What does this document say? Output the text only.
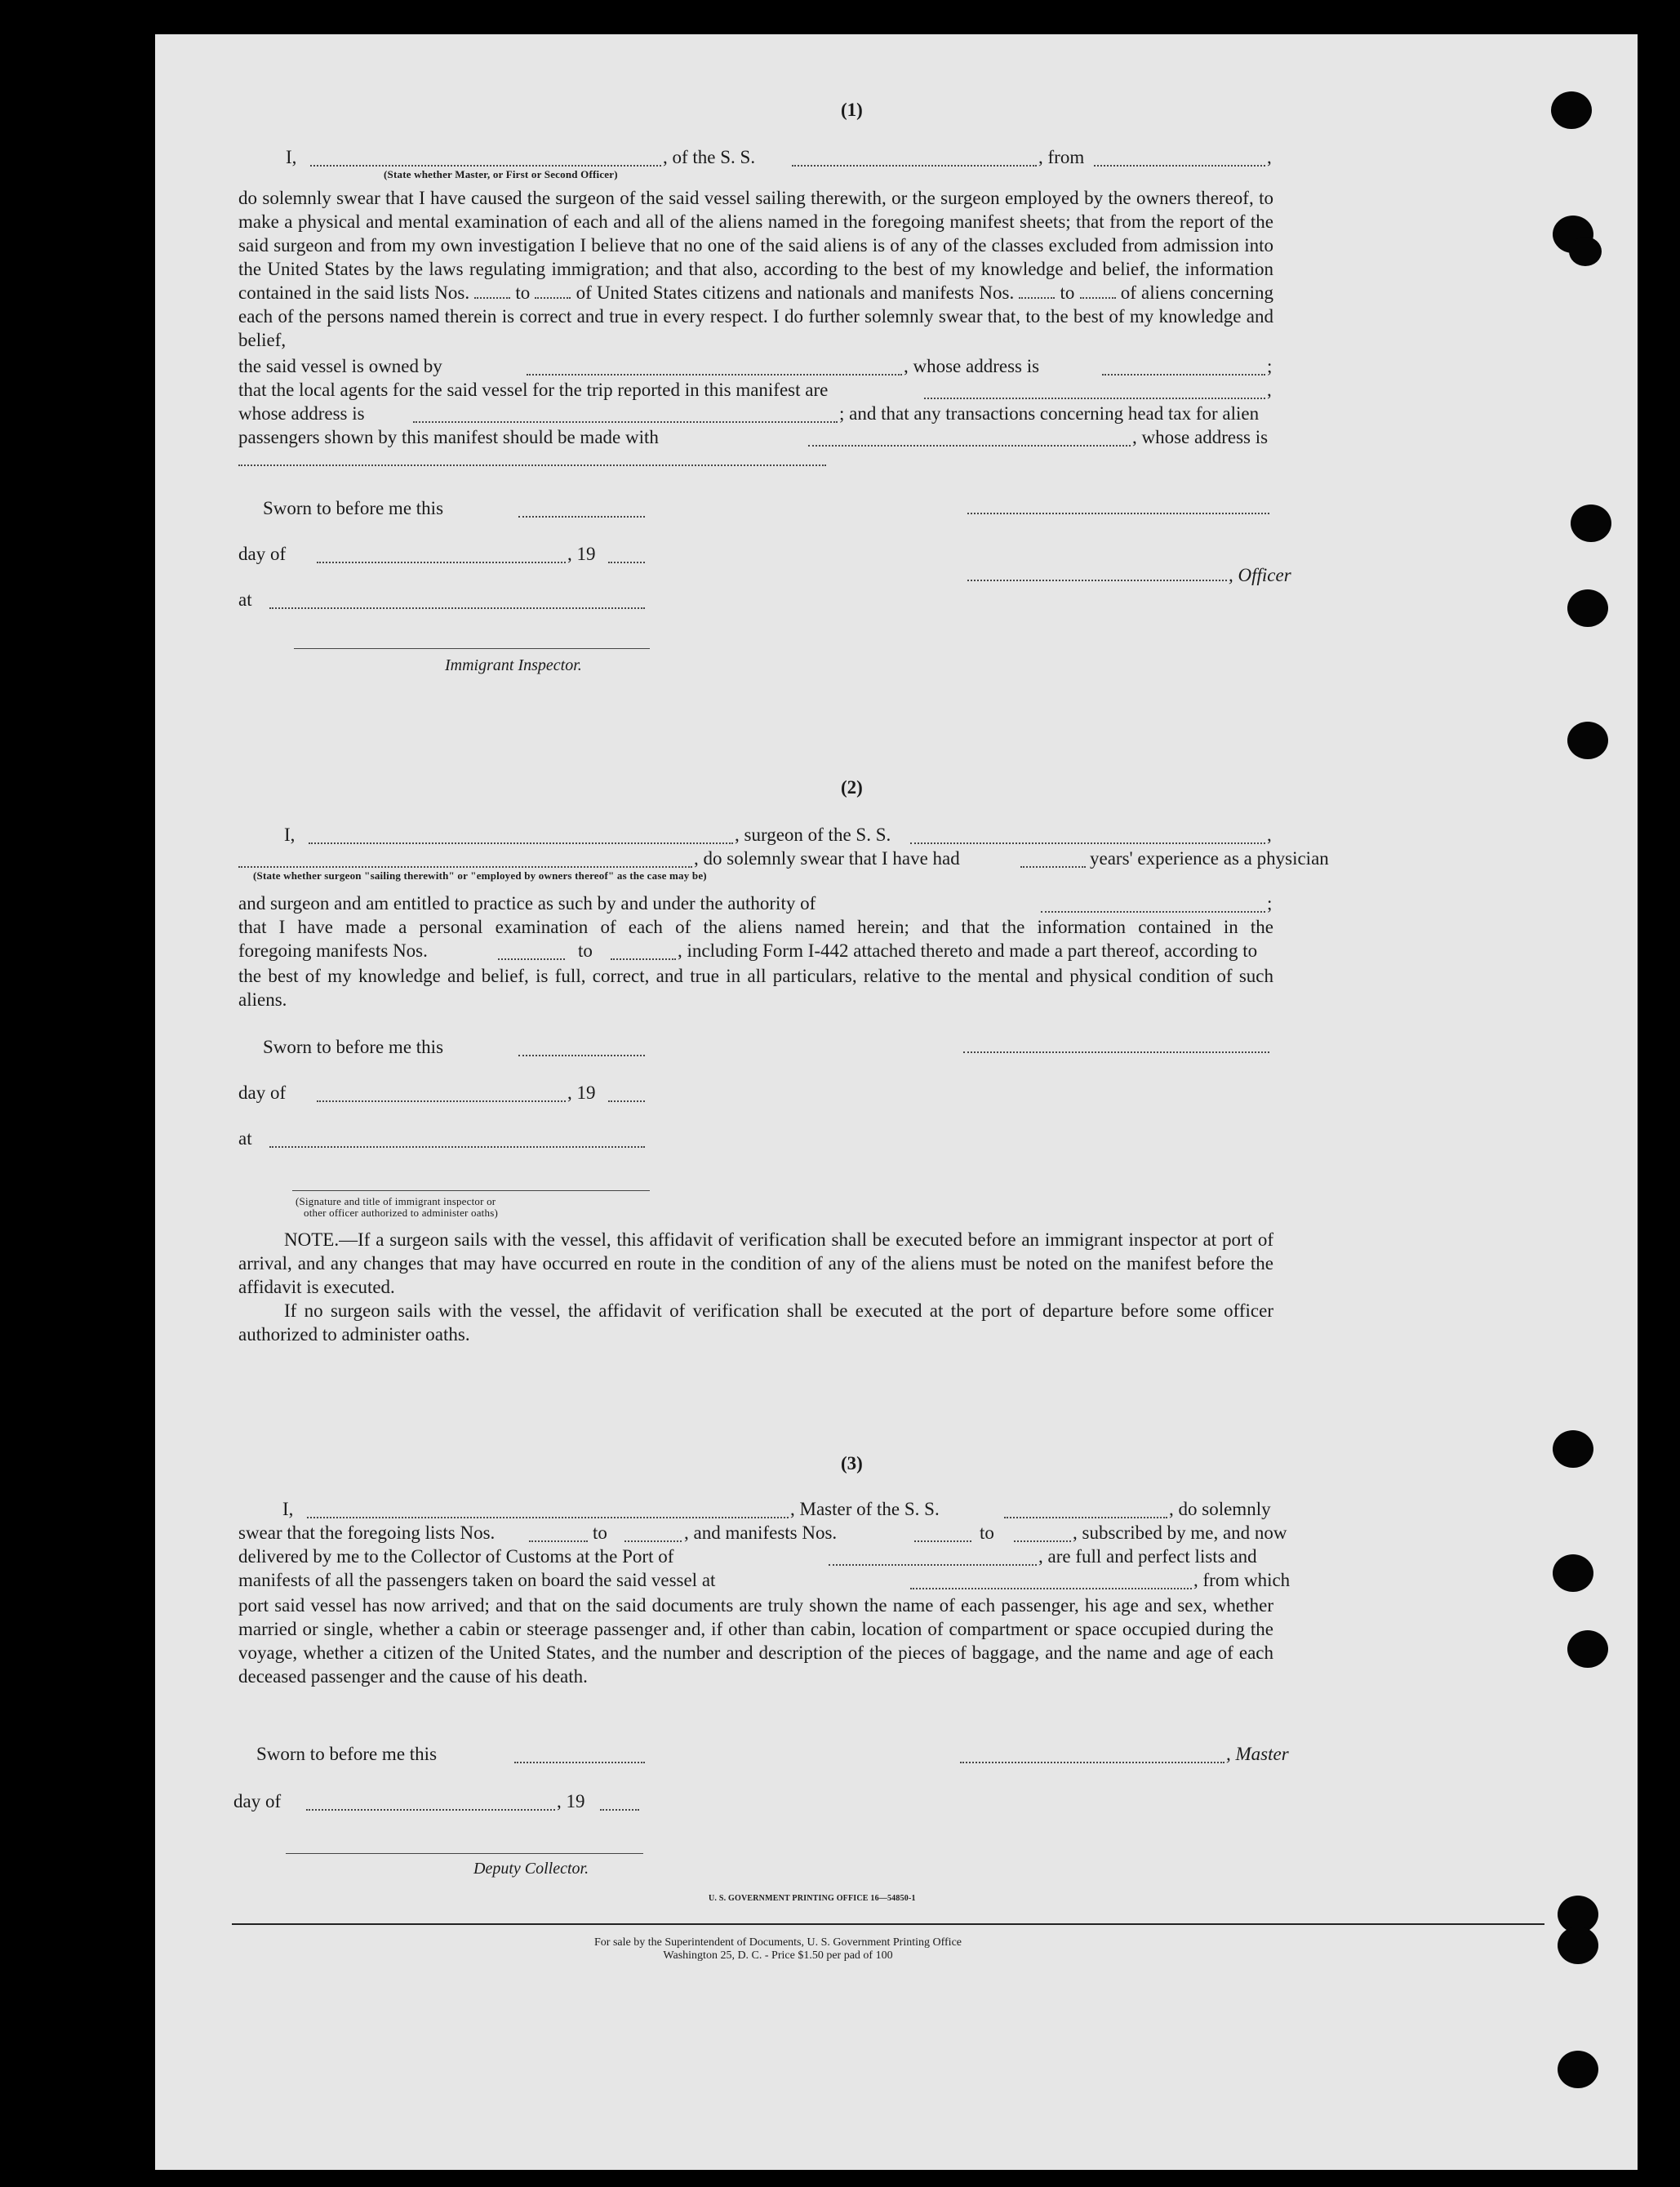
(1)
I,	, of the S. S.	, from	,
(State whether Master, or First or Second Officer)
do solemnly swear that I have caused the surgeon of the said vessel sailing therewith, or the surgeon employed by the owners thereof, to make a physical and mental examination of each and all of the aliens named in the foregoing manifest sheets; that from the report of the said surgeon and from my own investigation I believe that no one of the said aliens is of any of the classes excluded from admission into the United States by the laws regulating immigration; and that also, according to the best of my knowledge and belief, the information contained in the said lists Nos. to of United States citizens and nationals and manifests Nos. to of aliens concerning each of the persons named therein is correct and true in every respect. I do further solemnly swear that, to the best of my knowledge and belief,
the said vessel is owned by	, whose address is	;
that the local agents for the said vessel for the trip reported in this manifest are	,
whose address is	; and that any transactions concerning head tax for alien
passengers shown by this manifest should be made with	, whose address is
Sworn to before me this
day of	, 19
, Officer
at
Immigrant Inspector.
(2)
I,	, surgeon of the S. S.	,
, do solemnly swear that I have had	years' experience as a physician
(State whether surgeon "sailing therewith" or "employed by owners thereof" as the case may be)
and surgeon and am entitled to practice as such by and under the authority of	;
that I have made a personal examination of each of the aliens named herein; and that the information contained in the
foregoing manifests Nos.	to	, including Form I-442 attached thereto and made a part thereof, according to
the best of my knowledge and belief, is full, correct, and true in all particulars, relative to the mental and physical condition of such aliens.
Sworn to before me this
day of	, 19
at
(Signature and title of immigrant inspector or
other officer authorized to administer oaths)
NOTE.—If a surgeon sails with the vessel, this affidavit of verification shall be executed before an immigrant inspector at port of arrival, and any changes that may have occurred en route in the condition of any of the aliens must be noted on the manifest before the affidavit is executed.
If no surgeon sails with the vessel, the affidavit of verification shall be executed at the port of departure before some officer authorized to administer oaths.
(3)
I,	, Master of the S. S.	, do solemnly
swear that the foregoing lists Nos.	to	, and manifests Nos.	to	, subscribed by me, and now
delivered by me to the Collector of Customs at the Port of	, are full and perfect lists and
manifests of all the passengers taken on board the said vessel at	, from which
port said vessel has now arrived; and that on the said documents are truly shown the name of each passenger, his age and sex, whether married or single, whether a cabin or steerage passenger and, if other than cabin, location of compartment or space occupied during the voyage, whether a citizen of the United States, and the number and description of the pieces of baggage, and the name and age of each deceased passenger and the cause of his death.
Sworn to before me this	, Master
day of	, 19
Deputy Collector.
U. S. GOVERNMENT PRINTING OFFICE 16—54850-1
For sale by the Superintendent of Documents, U. S. Government Printing Office
Washington 25, D. C. - Price $1.50 per pad of 100
